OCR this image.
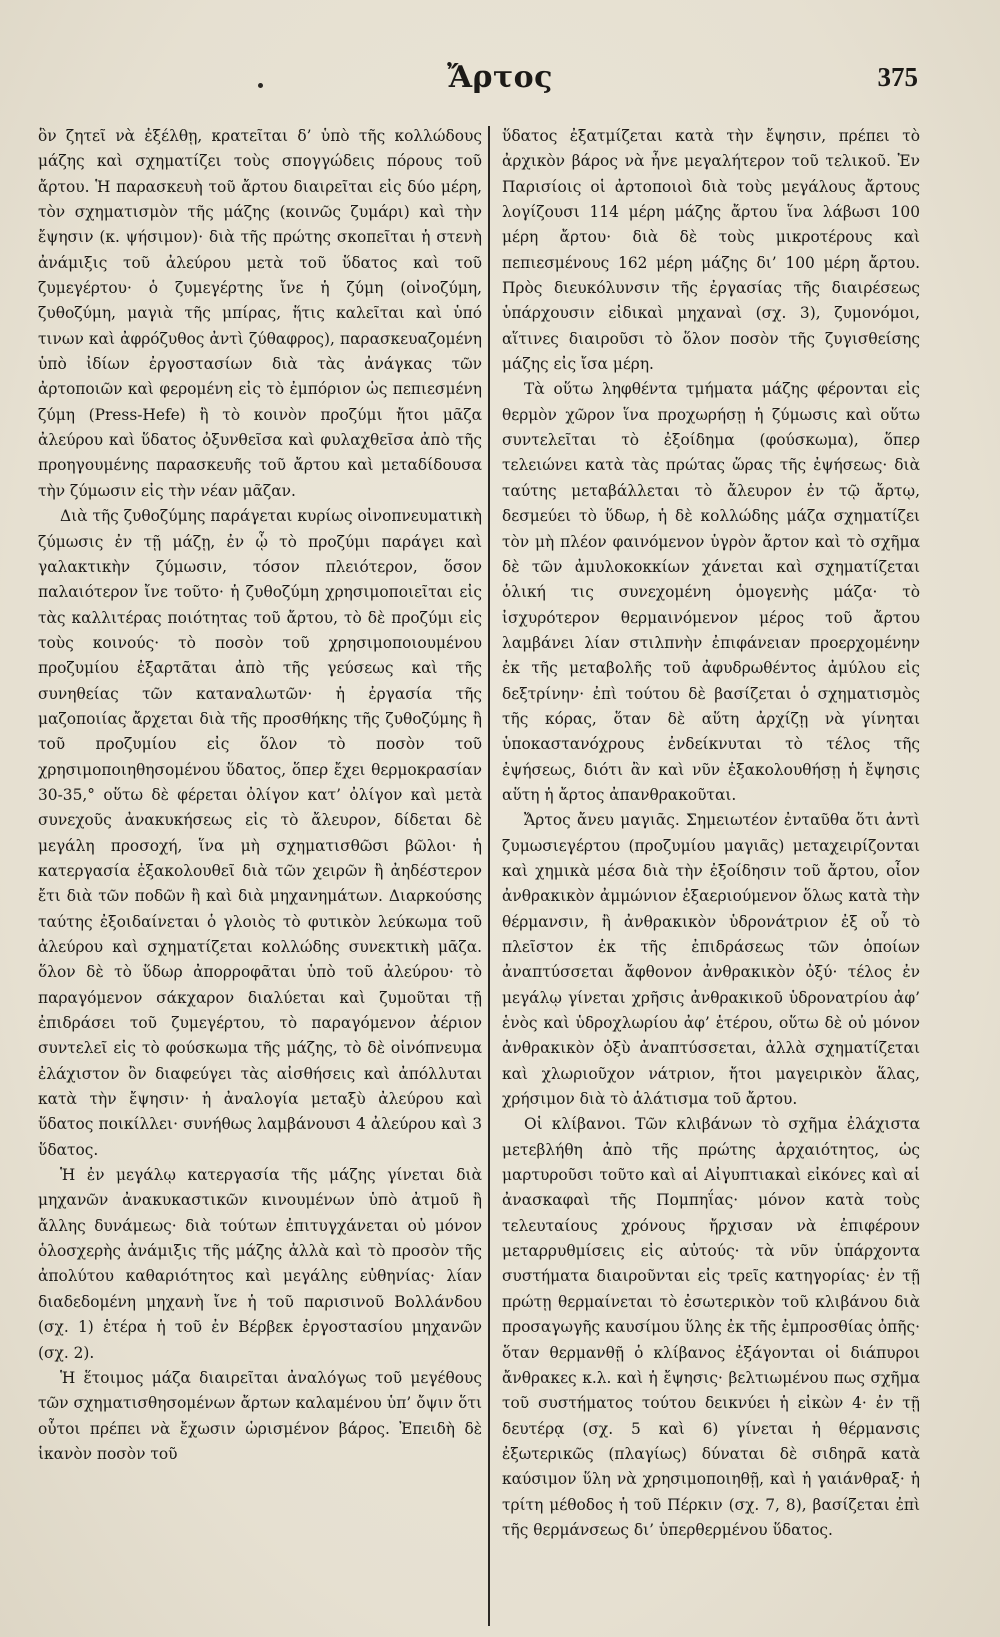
Ἄρτος	375

ὃν ζητεῖ νὰ ἐξέλθῃ, κρατεῖται δ’ ὑπὸ τῆς κολλώδους μάζης καὶ σχηματίζει τοὺς σπογγώδεις πόρους τοῦ ἄρτου. Ἡ παρασκευὴ τοῦ ἄρτου διαιρεῖται εἰς δύο μέρη, τὸν σχηματισμὸν τῆς μάζης (κοινῶς ζυμάρι) καὶ τὴν ἔψησιν (κ. ψήσιμον)· διὰ τῆς πρώτης σκοπεῖται ἡ στενὴ ἀνάμιξις τοῦ ἀλεύρου μετὰ τοῦ ὕδατος καὶ τοῦ ζυμεγέρτου· ὁ ζυμεγέρτης ἴνε ἡ ζύμη (οἰνοζύμη, ζυθοζύμη, μαγιὰ τῆς μπίρας, ἥτις καλεῖται καὶ ὑπό τινων καὶ ἀφρόζυθος ἀντὶ ζύθαφρος), παρασκευαζομένη ὑπὸ ἰδίων ἐργοστασίων διὰ τὰς ἀνάγκας τῶν ἀρτοποιῶν καὶ φερομένη εἰς τὸ ἐμπόριον ὡς πεπιεσμένη ζύμη (Press-Hefe) ἢ τὸ κοινὸν προζύμι ἤτοι μᾶζα ἀλεύρου καὶ ὕδατος ὀξυνθεῖσα καὶ φυλαχθεῖσα ἀπὸ τῆς προηγουμένης παρασκευῆς τοῦ ἄρτου καὶ μεταδίδουσα τὴν ζύμωσιν εἰς τὴν νέαν μᾶζαν.

Διὰ τῆς ζυθοζύμης παράγεται κυρίως οἰνοπνευματικὴ ζύμωσις ἐν τῇ μάζῃ, ἐν ᾧ τὸ προζύμι παράγει καὶ γαλακτικὴν ζύμωσιν, τόσον πλειότερον, ὅσον παλαιότερον ἴνε τοῦτο· ἡ ζυθοζύμη χρησιμοποιεῖται εἰς τὰς καλλιτέρας ποιότητας τοῦ ἄρτου, τὸ δὲ προζύμι εἰς τοὺς κοινούς· τὸ ποσὸν τοῦ χρησιμοποιουμένου προζυμίου ἐξαρτᾶται ἀπὸ τῆς γεύσεως καὶ τῆς συνηθείας τῶν καταναλωτῶν· ἡ ἐργασία τῆς μαζοποιίας ἄρχεται διὰ τῆς προσθήκης τῆς ζυθοζύμης ἢ τοῦ προζυμίου εἰς ὅλον τὸ ποσὸν τοῦ χρησιμοποιηθησομένου ὕδατος, ὅπερ ἔχει θερμοκρασίαν 30-35,° οὕτω δὲ φέρεται ὀλίγον κατ’ ὀλίγον καὶ μετὰ συνεχοῦς ἀνακυκήσεως εἰς τὸ ἄλευρον, δίδεται δὲ μεγάλη προσοχή, ἵνα μὴ σχηματισθῶσι βῶλοι· ἡ κατεργασία ἐξακολουθεῖ διὰ τῶν χειρῶν ἢ ἀηδέστερον ἔτι διὰ τῶν ποδῶν ἢ καὶ διὰ μηχανημάτων. Διαρκούσης ταύτης ἐξοιδαίνεται ὁ γλοιὸς τὸ φυτικὸν λεύκωμα τοῦ ἀλεύρου καὶ σχηματίζεται κολλώδης συνεκτικὴ μᾶζα. ὅλον δὲ τὸ ὕδωρ ἀπορροφᾶται ὑπὸ τοῦ ἀλεύρου· τὸ παραγόμενον σάκχαρον διαλύεται καὶ ζυμοῦται τῇ ἐπιδράσει τοῦ ζυμεγέρτου, τὸ παραγόμενον ἀέριον συντελεῖ εἰς τὸ φούσκωμα τῆς μάζης, τὸ δὲ οἰνόπνευμα ἐλάχιστον ὂν διαφεύγει τὰς αἰσθήσεις καὶ ἀπόλλυται κατὰ τὴν ἔψησιν· ἡ ἀναλογία μεταξὺ ἀλεύρου καὶ ὕδατος ποικίλλει· συνήθως λαμβάνουσι 4 ἀλεύρου καὶ 3 ὕδατος.

Ἡ ἐν μεγάλῳ κατεργασία τῆς μάζης γίνεται διὰ μηχανῶν ἀνακυκαστικῶν κινουμένων ὑπὸ ἀτμοῦ ἢ ἄλλης δυνάμεως· διὰ τούτων ἐπιτυγχάνεται οὐ μόνον ὁλοσχερὴς ἀνάμιξις τῆς μάζης ἀλλὰ καὶ τὸ προσὸν τῆς ἀπολύτου καθαριότητος καὶ μεγάλης εὐθηνίας· λίαν διαδεδομένη μηχανὴ ἴνε ἡ τοῦ παρισινοῦ Βολλάνδου (σχ. 1) ἑτέρα ἡ τοῦ ἐν Βέρβεκ ἐργοστασίου μηχανῶν (σχ. 2).

Ἡ ἕτοιμος μάζα διαιρεῖται ἀναλόγως τοῦ μεγέθους τῶν σχηματισθησομένων ἄρτων καλαμένου ὑπ’ ὄψιν ὅτι οὗτοι πρέπει νὰ ἔχωσιν ὡρισμένον βάρος. Ἐπειδὴ δὲ ἱκανὸν ποσὸν τοῦ

ὕδατος ἐξατμίζεται κατὰ τὴν ἔψησιν, πρέπει τὸ ἀρχικὸν βάρος νὰ ἦνε μεγαλήτερον τοῦ τελικοῦ. Ἐν Παρισίοις οἱ ἀρτοποιοὶ διὰ τοὺς μεγάλους ἄρτους λογίζουσι 114 μέρη μάζης ἄρτου ἵνα λάβωσι 100 μέρη ἄρτου· διὰ δὲ τοὺς μικροτέρους καὶ πεπιεσμένους 162 μέρη μάζης δι’ 100 μέρη ἄρτου. Πρὸς διευκόλυνσιν τῆς ἐργασίας τῆς διαιρέσεως ὑπάρχουσιν εἰδικαὶ μηχαναὶ (σχ. 3), ζυμονόμοι, αἵτινες διαιροῦσι τὸ ὅλον ποσὸν τῆς ζυγισθείσης μάζης εἰς ἴσα μέρη.

Τὰ οὕτω ληφθέντα τμήματα μάζης φέρονται εἰς θερμὸν χῶρον ἵνα προχωρήσῃ ἡ ζύμωσις καὶ οὕτω συντελεῖται τὸ ἐξοίδημα (φούσκωμα), ὅπερ τελειώνει κατὰ τὰς πρώτας ὥρας τῆς ἐψήσεως· διὰ ταύτης μεταβάλλεται τὸ ἄλευρον ἐν τῷ ἄρτῳ, δεσμεύει τὸ ὕδωρ, ἡ δὲ κολλώδης μάζα σχηματίζει τὸν μὴ πλέον φαινόμενον ὑγρὸν ἄρτον καὶ τὸ σχῆμα δὲ τῶν ἀμυλοκοκκίων χάνεται καὶ σχηματίζεται ὁλική τις συνεχομένη ὁμογενὴς μάζα· τὸ ἰσχυρότερον θερμαινόμενον μέρος τοῦ ἄρτου λαμβάνει λίαν στιλπνὴν ἐπιφάνειαν προερχομένην ἐκ τῆς μεταβολῆς τοῦ ἀφυδρωθέντος ἀμύλου εἰς δεξτρίνην· ἐπὶ τούτου δὲ βασίζεται ὁ σχηματισμὸς τῆς κόρας, ὅταν δὲ αὕτη ἀρχίζῃ νὰ γίνηται ὑποκαστανόχρους ἐνδείκνυται τὸ τέλος τῆς ἐψήσεως, διότι ἂν καὶ νῦν ἐξακολουθήσῃ ἡ ἔψησις αὕτη ἡ ἄρτος ἀπανθρακοῦται.

Ἄρτος ἄνευ μαγιᾶς. Σημειωτέον ἐνταῦθα ὅτι ἀντὶ ζυμωσιεγέρτου (προζυμίου μαγιᾶς) μεταχειρίζονται καὶ χημικὰ μέσα διὰ τὴν ἐξοίδησιν τοῦ ἄρτου, οἷον ἀνθρακικὸν ἀμμώνιον ἐξαεριούμενον ὅλως κατὰ τὴν θέρμανσιν, ἢ ἀνθρακικὸν ὑδρονάτριον ἐξ οὗ τὸ πλεῖστον ἐκ τῆς ἐπιδράσεως τῶν ὁποίων ἀναπτύσσεται ἄφθονον ἀνθρακικὸν ὀξύ· τέλος ἐν μεγάλῳ γίνεται χρῆσις ἀνθρακικοῦ ὑδρονατρίου ἀφ’ ἑνὸς καὶ ὑδροχλωρίου ἀφ’ ἑτέρου, οὕτω δὲ οὐ μόνον ἀνθρακικὸν ὀξὺ ἀναπτύσσεται, ἀλλὰ σχηματίζεται καὶ χλωριοῦχον νάτριον, ἤτοι μαγειρικὸν ἅλας, χρήσιμον διὰ τὸ ἁλάτισμα τοῦ ἄρτου.

Οἱ κλίβανοι. Τῶν κλιβάνων τὸ σχῆμα ἐλάχιστα μετεβλήθη ἀπὸ τῆς πρώτης ἀρχαιότητος, ὡς μαρτυροῦσι τοῦτο καὶ αἱ Αἰγυπτιακαὶ εἰκόνες καὶ αἱ ἀνασκαφαὶ τῆς Πομπηΐας· μόνον κατὰ τοὺς τελευταίους χρόνους ἤρχισαν νὰ ἐπιφέρουν μεταρρυθμίσεις εἰς αὐτούς· τὰ νῦν ὑπάρχοντα συστήματα διαιροῦνται εἰς τρεῖς κατηγορίας· ἐν τῇ πρώτῃ θερμαίνεται τὸ ἐσωτερικὸν τοῦ κλιβάνου διὰ προσαγωγῆς καυσίμου ὕλης ἐκ τῆς ἐμπροσθίας ὀπῆς· ὅταν θερμανθῇ ὁ κλίβανος ἐξάγονται οἱ διάπυροι ἄνθρακες κ.λ. καὶ ἡ ἔψησις· βελτιωμένου πως σχῆμα τοῦ συστήματος τούτου δεικνύει ἡ εἰκὼν 4· ἐν τῇ δευτέρᾳ (σχ. 5 καὶ 6) γίνεται ἡ θέρμανσις ἐξωτερικῶς (πλαγίως) δύναται δὲ σιδηρᾶ κατὰ καύσιμον ὕλη νὰ χρησιμοποιηθῇ, καὶ ἡ γαιάνθραξ· ἡ τρίτη μέθοδος ἡ τοῦ Πέρκιν (σχ. 7, 8), βασίζεται ἐπὶ τῆς θερμάνσεως δι’ ὑπερθερμένου ὕδατος.
